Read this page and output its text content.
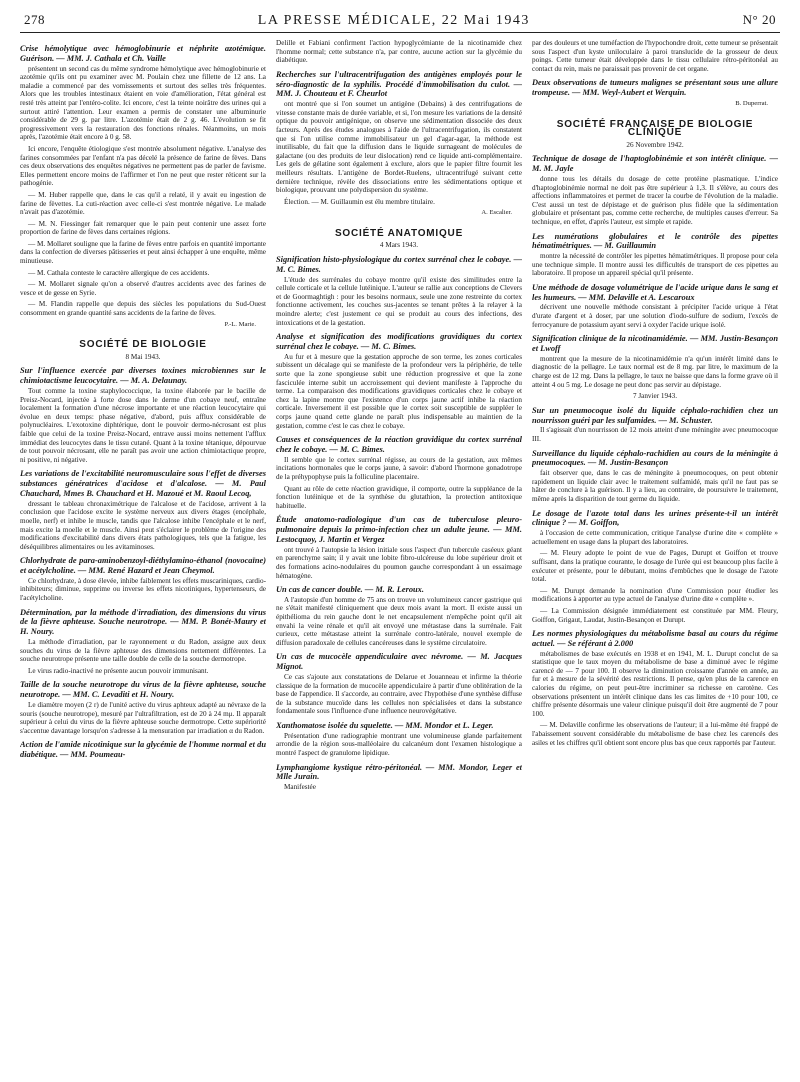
278	LA PRESSE MÉDICALE, 22 Mai 1943	N° 20
Crise hémolytique avec hémoglobinurie et néphrite azotémique. Guérison. — MM. J. Cathala et Ch. Vaille

présentent un second cas du même syndrome hémolytique avec hémoglobinurie et azotémie qu'ils ont pu examiner avec M. Poulain chez une fillette de 12 ans. La maladie a commencé par des vomissements et surtout des selles très fréquentes. Alors que les troubles intestinaux étaient en voie d'amélioration, l'état général est resté très atteint par l'entéro-colite. Ici encore, c'est la teinte noirâtre des urines qui a surtout attiré l'attention. Leur examen a permis de constater une albuminurie considérable de 29 g. par litre. L'azotémie était de 2 g. 46. L'évolution se fit progressivement vers la restauration des fonctions rénales. Néanmoins, un mois après, l'azotémie était encore à 0 g. 58.

Ici encore, l'enquête étiologique s'est montrée absolument négative. L'analyse des farines consommées par l'enfant n'a pas décelé la présence de farine de fèves. Dans ces deux observations des enquêtes négatives ne permettent pas de parler de favisme. Elles permettent encore moins de l'affirmer et l'on ne peut que rester réticent sur la pathogénie.

— M. Huber rappelle que, dans le cas qu'il a relaté, il y avait eu ingestion de farine de fèvettes. La cuti-réaction avec celle-ci s'est montrée négative. Le malade n'avait pas d'azotémie.

— M. N. Fiessinger fait remarquer que le pain peut contenir une assez forte proportion de farine de fèves dans certaines régions.

— M. Mollaret souligne que la farine de fèves entre parfois en quantité importante dans la confection de diverses pâtisseries et peut ainsi échapper à une enquête, même minutieuse.

— M. Cathala conteste le caractère allergique de ces accidents.

— M. Mollaret signale qu'on a observé d'autres accidents avec des farines de vesce et de gesse en Syrie.

— M. Flandin rappelle que depuis des siècles les populations du Sud-Ouest consomment en grande quantité sans accidents de la farine de fèves.

P.-L. Marie.
SOCIÉTÉ DE BIOLOGIE
8 Mai 1943.
Sur l'influence exercée par diverses toxines microbiennes sur le chimiotactisme leucocytaire. — M. A. Delaunay.

Tout comme la toxine staphylococcique, la toxine élaborée par le bacille de Preisz-Nocard, injectée à forte dose dans le derme d'un cobaye neuf, entraîne localement la formation d'une nécrose importante et une réaction leucocytaire qui évolue en deux temps: phase négative, d'abord, puis afflux considérable de polynucléaires. L'exotoxine diphtérique, dont le pouvoir dermo-nécrosant est plus faible que celui de la toxine Preisz-Nocard, entrave aussi moins nettement l'afflux immédiat des leucocytes dans le tissu cutané. Quant à la toxine tétanique, dépourvue de tout pouvoir nécrosant, elle ne paraît pas avoir une action chimiotactique propre, ni positive, ni négative.

Les variations de l'excitabilité neuromusculaire sous l'effet de diverses substances génératrices d'acidose et d'alcalose. — M. Paul Chauchard, Mmes B. Chauchard et H. Mazoué et M. Raoul Lecoq,

dressant le tableau chronaximétrique de l'alcalose et de l'acidose, arrivent à la conclusion que l'acidose excite le système nerveux aux divers étages (encéphale, moelle, nerf) et inhibe le muscle, tandis que l'alcalose inhibe l'encéphale et le nerf, mais excite la moelle et le muscle. Ainsi peut s'éclairer le problème de l'origine des modifications d'excitabilité dans divers états pathologiques, tels que la fatigue, les déséquilibres alimentaires ou les avitaminoses.

Chlorhydrate de para-aminobenzoyl-diéthylamino-éthanol (novocaïne) et acétylcholine. — MM. René Hazard et Jean Cheymol.

Ce chlorhydrate, à dose élevée, inhibe faiblement les effets muscariniques, cardio-inhibiteurs; diminue, supprime ou inverse les effets nicotiniques, hypertenseurs, de l'acétylcholine.

Détermination, par la méthode d'irradiation, des dimensions du virus de la fièvre aphteuse. Souche neurotrope. — MM. P. Bonét-Maury et H. Noury.

La méthode d'irradiation, par le rayonnement α du Radon, assigne aux deux souches du virus de la fièvre aphteuse des dimensions nettement différentes. La souche neurotrope présente une taille double de celle de la souche dermotrope.

Le virus radio-inactivé ne présente aucun pouvoir immunisant.

Taille de la souche neurotrope du virus de la fièvre aphteuse, souche neurotrope. — MM. C. Levaditi et H. Noury.

Le diamètre moyen (2 r) de l'unité active du virus aphteux adapté au névraxe de la souris (souche neurotrope), mesuré par l'ultrafiltration, est de 20 à 24 mμ. Il apparaît supérieur à celui du virus de la fièvre aphteuse souche dermotrope. Cette supériorité s'accentue davantage lorsqu'on s'adresse à la mensuration par irradiation α du Radon.

Action de l'amide nicotinique sur la glycémie de l'homme normal et du diabétique. — MM. Poumeau-

Delille et Fabiani confirment l'action hypoglycémiante de la nicotinamide chez l'homme normal; cette substance n'a, par contre, aucune action sur la glycémie du diabétique.

Recherches sur l'ultracentrifugation des antigènes employés pour le séro-diagnostic de la syphilis. Procédé d'immobilisation du culot. — MM. J. Chouteau et F. Cheurlot

ont montré que si l'on soumet un antigène (Debains) à des centrifugations de vitesse constante mais de durée variable, et si, l'on mesure les variations de la densité optique du pouvoir antigénique, on observe une sédimentation dissociée des deux facteurs. Après des études analogues à l'aide de l'ultracentrifugation, ils constatent que si l'on utilise comme immobilisateur un gel d'agar-agar, la méthode est inutilisable, du fait que la diffusion dans le liquide surnageant de molécules de galactane (ou des produits de leur dislocation) rend ce liquide anti-complémentaire. Les gels de gélatine sont également à exclure, alors que le papier filtre fournit les meilleurs résultats. L'antigène de Bordet-Ruelens, ultracentrifugé suivant cette dernière technique, révèle des dissociations entre les sédimentations optique et biologique, prouvant une polydispersion du système.

Élection. — M. Guillaumin est élu membre titulaire.

A. Escalier.
SOCIÉTÉ ANATOMIQUE
4 Mars 1943.
Signification histo-physiologique du cortex surrénal chez le cobaye. — M. C. Bimes.

L'étude des surrénales du cobaye montre qu'il existe des similitudes entre la cellule corticale et la cellule lutéinique. L'auteur se rallie aux conceptions de Clevers et de Goormaghtigh : pour les besoins normaux, seule une zone restreinte du cortex fonctionne activement, les couches sus-jacentes se tenant prêtes à la relayer à la moindre alerte; c'est justement ce qui se produit au cours des infections, des intoxications et de la gestation.

Analyse et signification des modifications gravidiques du cortex surrénal chez le cobaye. — M. C. Bimes.

Au fur et à mesure que la gestation approche de son terme, les zones corticales subissent un décalage qui se manifeste de la profondeur vers la périphérie, de telle sorte que la zone spongieuse subit une réduction progressive et que la zone fasciculée interne subit un accroissement qui devient manifeste à l'approche du terme. La comparaison des modifications gravidiques corticales chez le cobaye et chez la lapine montre que l'existence d'un corps jaune actif inhibe la réaction corticale. Inversement il est possible que le cortex soit susceptible de suppléer le corps jaune quand cette glande ne paraît plus indispensable au maintien de la gestation, comme c'est le cas chez le cobaye.

Causes et conséquences de la réaction gravidique du cortex surrénal chez le cobaye. — M. C. Bimes.

Il semble que le cortex surrénal régisse, au cours de la gestation, aux mêmes incitations hormonales que le corps jaune, à savoir: d'abord l'hormone gonadotrope de la préhypophyse puis la folliculine placentaire.

Quant au rôle de cette réaction gravidique, il comporte, outre la suppléance de la fonction lutéinique et de la synthèse du glutathion, la protection antitoxique habituelle.

Étude anatomo-radiologique d'un cas de tuberculose pleuro-pulmonaire depuis la primo-infection chez un adulte jeune. — MM. Lestocquoy, J. Martin et Vergez

ont trouvé à l'autopsie la lésion initiale sous l'aspect d'un tubercule caséeux géant en parenchyme sain; il y avait une lobite fibro-ulcéreuse du lobe supérieur droit et des formations acino-nodulaires du poumon gauche correspondant à un essaimage hématogène.

Un cas de cancer double. — M. R. Leroux.

A l'autopsie d'un homme de 75 ans on trouve un volumineux cancer gastrique qui ne s'était manifesté cliniquement que deux mois avant la mort. Il existe aussi un épithélioma du rein gauche dont le net encapsulement n'empêche point qu'il ait envahi la veine rénale et qu'il ait envoyé une métastase dans la surrénale. Fait curieux, cette métastase atteint la surrénale contro-latérale, nouvel exemple de diffusion paradoxale de cellules cancéreuses dans le système circulatoire.

Un cas de mucocèle appendiculaire avec névrome. — M. Jacques Mignot.

Ce cas s'ajoute aux constatations de Delarue et Jouanneau et infirme la théorie classique de la formation de mucocèle appendiculaire à partir d'une oblitération de la base de l'appendice. Il s'accorde, au contraire, avec l'hypothèse d'une synthèse diffuse de la substance mucoïde dans les cellules non spécialisées et dans la substance fondamentale sous l'influence d'une influence neurovégétative.

Xanthomatose isolée du squelette. — MM. Mondor et L. Leger.

Présentation d'une radiographie montrant une volumineuse glande parfaitement arrondie de la région sous-malléolaire du calcanéum dont l'examen histologique a montré l'aspect de granulome lipidique.

Lymphangiome kystique rétro-péritonéal. — MM. Mondor, Leger et Mlle Jurain.

Manifestée

par des douleurs et une tuméfaction de l'hypochondre droit, cette tumeur se présentait sous l'aspect d'un kyste uniloculaire à paroi translucide de la grosseur de deux poings. Cette tumeur était développée dans le tissu cellulaire rétro-péritonéal au contact du rein, mais ne paraissait pas provenir de cet organe.

Deux observations de tumeurs malignes se présentant sous une allure trompeuse. — MM. Weyl-Aubert et Werquin.
B. Duperrat.
SOCIÉTÉ FRANÇAISE DE BIOLOGIE CLINIQUE
26 Novembre 1942.
Technique de dosage de l'haptoglobinémie et son intérêt clinique. — M. M. Jayle

donne tous les détails du dosage de cette protéine plasmatique. L'indice d'haptoglobinémie normal ne doit pas être supérieur à 1,3. Il s'élève, au cours des affections inflammatoires et permet de tracer la courbe de l'évolution de la maladie. C'est aussi un test de dépistage et de guérison plus fidèle que la sédimentation globulaire et présentant pas, comme cette recherche, de multiples causes d'erreur. Sa technique, en effet, d'après l'auteur, est simple et rapide.

Les numérations globulaires et le contrôle des pipettes hématimétriques. — M. Guillaumin

montre la nécessité de contrôler les pipettes hématimétriques. Il propose pour cela une technique simple. Il montre aussi les difficultés de transport de ces pipettes au laboratoire. Il propose un appareil spécial qu'il présente.

Une méthode de dosage volumétrique de l'acide urique dans le sang et les humeurs. — MM. Delaville et A. Lescaroux

décrivent une nouvelle méthode consistant à précipiter l'acide urique à l'état d'urate d'argent et à doser, par une solution d'iodo-sulfure de sodium, l'excès de ferrocyanure de potassium ayant servi à oxyder l'acide urique isolé.

Signification clinique de la nicotinamidémie. — MM. Justin-Besançon et Lwoff

montrent que la mesure de la nicotinamidémie n'a qu'un intérêt limité dans le diagnostic de la pellagre. Le taux normal est de 8 mg. par litre, le maximum de la charge est de 12 mg. Dans la pellagre, le taux ne baisse que dans la forme grave où il atteint 4 ou 5 mg. Le dosage ne peut donc pas servir au dépistage.

7 Janvier 1943.
Sur un pneumocoque isolé du liquide céphalo-rachidien chez un nourrisson guéri par les sulfamides. — M. Schuster.

Il s'agissait d'un nourrisson de 12 mois atteint d'une méningite avec pneumocoque III.

Surveillance du liquide céphalo-rachidien au cours de la méningite à pneumocoques. — M. Justin-Besançon

fait observer que, dans le cas de méningite à pneumocoques, on peut obtenir rapidement un liquide clair avec le traitement sulfamidé, mais qu'il ne faut pas se hâter de conclure à la guérison. Il y a lieu, au contraire, de poursuivre le traitement, même après la disparition de tout germe du liquide.

Le dosage de l'azote total dans les urines présente-t-il un intérêt clinique ? — M. Goiffon,

à l'occasion de cette communication, critique l'analyse d'urine dite « complète » actuellement en usage dans la plupart des laboratoires.

— M. Fleury adopte le point de vue de Pages, Durupt et Goiffon et trouve suffisant, dans la pratique courante, le dosage de l'urée qui est beaucoup plus facile à exécuter et présente, pour le débutant, moins d'embûches que le dosage de l'azote total.

— M. Durupt demande la nomination d'une Commission pour étudier les modifications à apporter au type actuel de l'analyse d'urine dite « complète ».

— La Commission désignée immédiatement est constituée par MM. Fleury, Goiffon, Grigaut, Laudat, Justin-Besançon et Durupt.

Les normes physiologiques du métabolisme basal au cours du régime actuel. — Se référant à 2.000

métabolismes de base exécutés en 1938 et en 1941, M. L. Durupt conclut de sa statistique que le taux moyen du métabolisme de base a diminué avec le régime carencé de — 7 pour 100. Il observe la diminution croissante d'année en année, au fur et à mesure de la sévérité des restrictions. Il pense, qu'en plus de la carence en calories du régime, on peut peut-être incriminer sa richesse en carotène. Ces observations présentent un intérêt clinique dans les cas limites de +10 pour 100, ce chiffre présente désormais une valeur clinique puisqu'il doit être augmenté de 7 pour 100.

— M. Delaville confirme les observations de l'auteur; il a lui-même été frappé de l'abaissement souvent considérable du métabolisme de base chez les carencés des asiles et les chiffres qu'il obtient sont encore plus bas que ceux rapportés par l'auteur.
